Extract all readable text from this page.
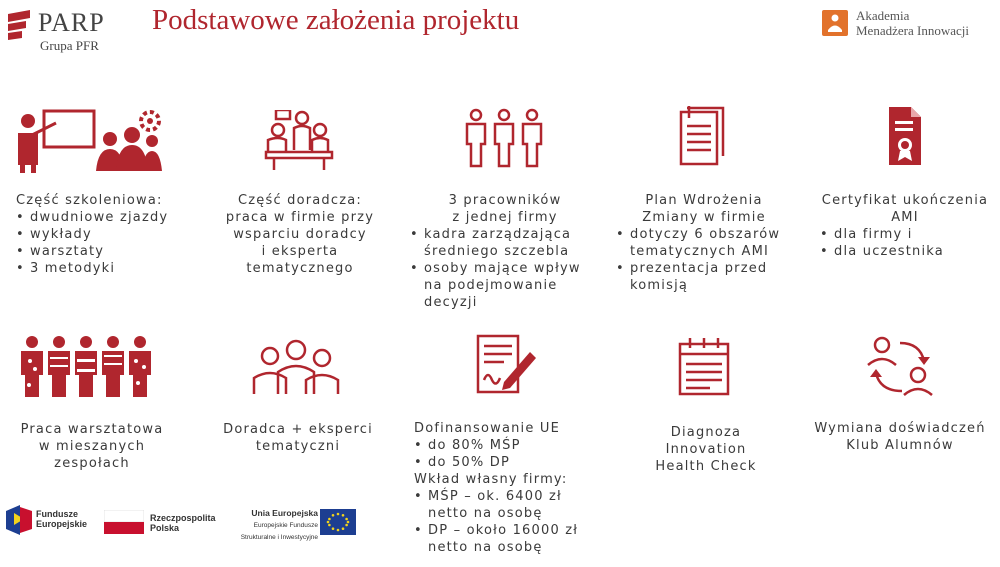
PARP
Grupa PFR
Podstawowe założenia projektu	Akademia
Menadżera Innowacji
Część szkoleniowa:
• dwudniowe zjazdy
• wykłady
• warsztaty
• 3 metodyki
Część doradcza:
praca w firmie przy
wsparciu doradcy
i eksperta
tematycznego
3 pracowników
z jednej firmy
• kadra zarządzająca
średniego szczebla
• osoby mające wpływ
na podejmowanie
decyzji
Plan Wdrożenia
Zmiany w firmie
• dotyczy 6 obszarów
tematycznych AMI
• prezentacja przed
komisją
Certyfikat ukończenia
AMI
• dla firmy i
• dla uczestnika
Praca warsztatowa
w mieszanych
zespołach
Doradca + eksperci
tematyczni
Dofinansowanie UE
• do 80% MŚP
• do 50% DP
Wkład własny firmy:
• MŚP – ok. 6400 zł
netto na osobę
• DP – około 16000 zł
netto na osobę
Diagnoza
Innovation
Health Check
Wymiana doświadczeń
Klub Alumnów
Fundusze
Europejskie
Rzeczpospolita
Polska
Unia Europejska
Europejskie Fundusze
Strukturalne i Inwestycyjne
